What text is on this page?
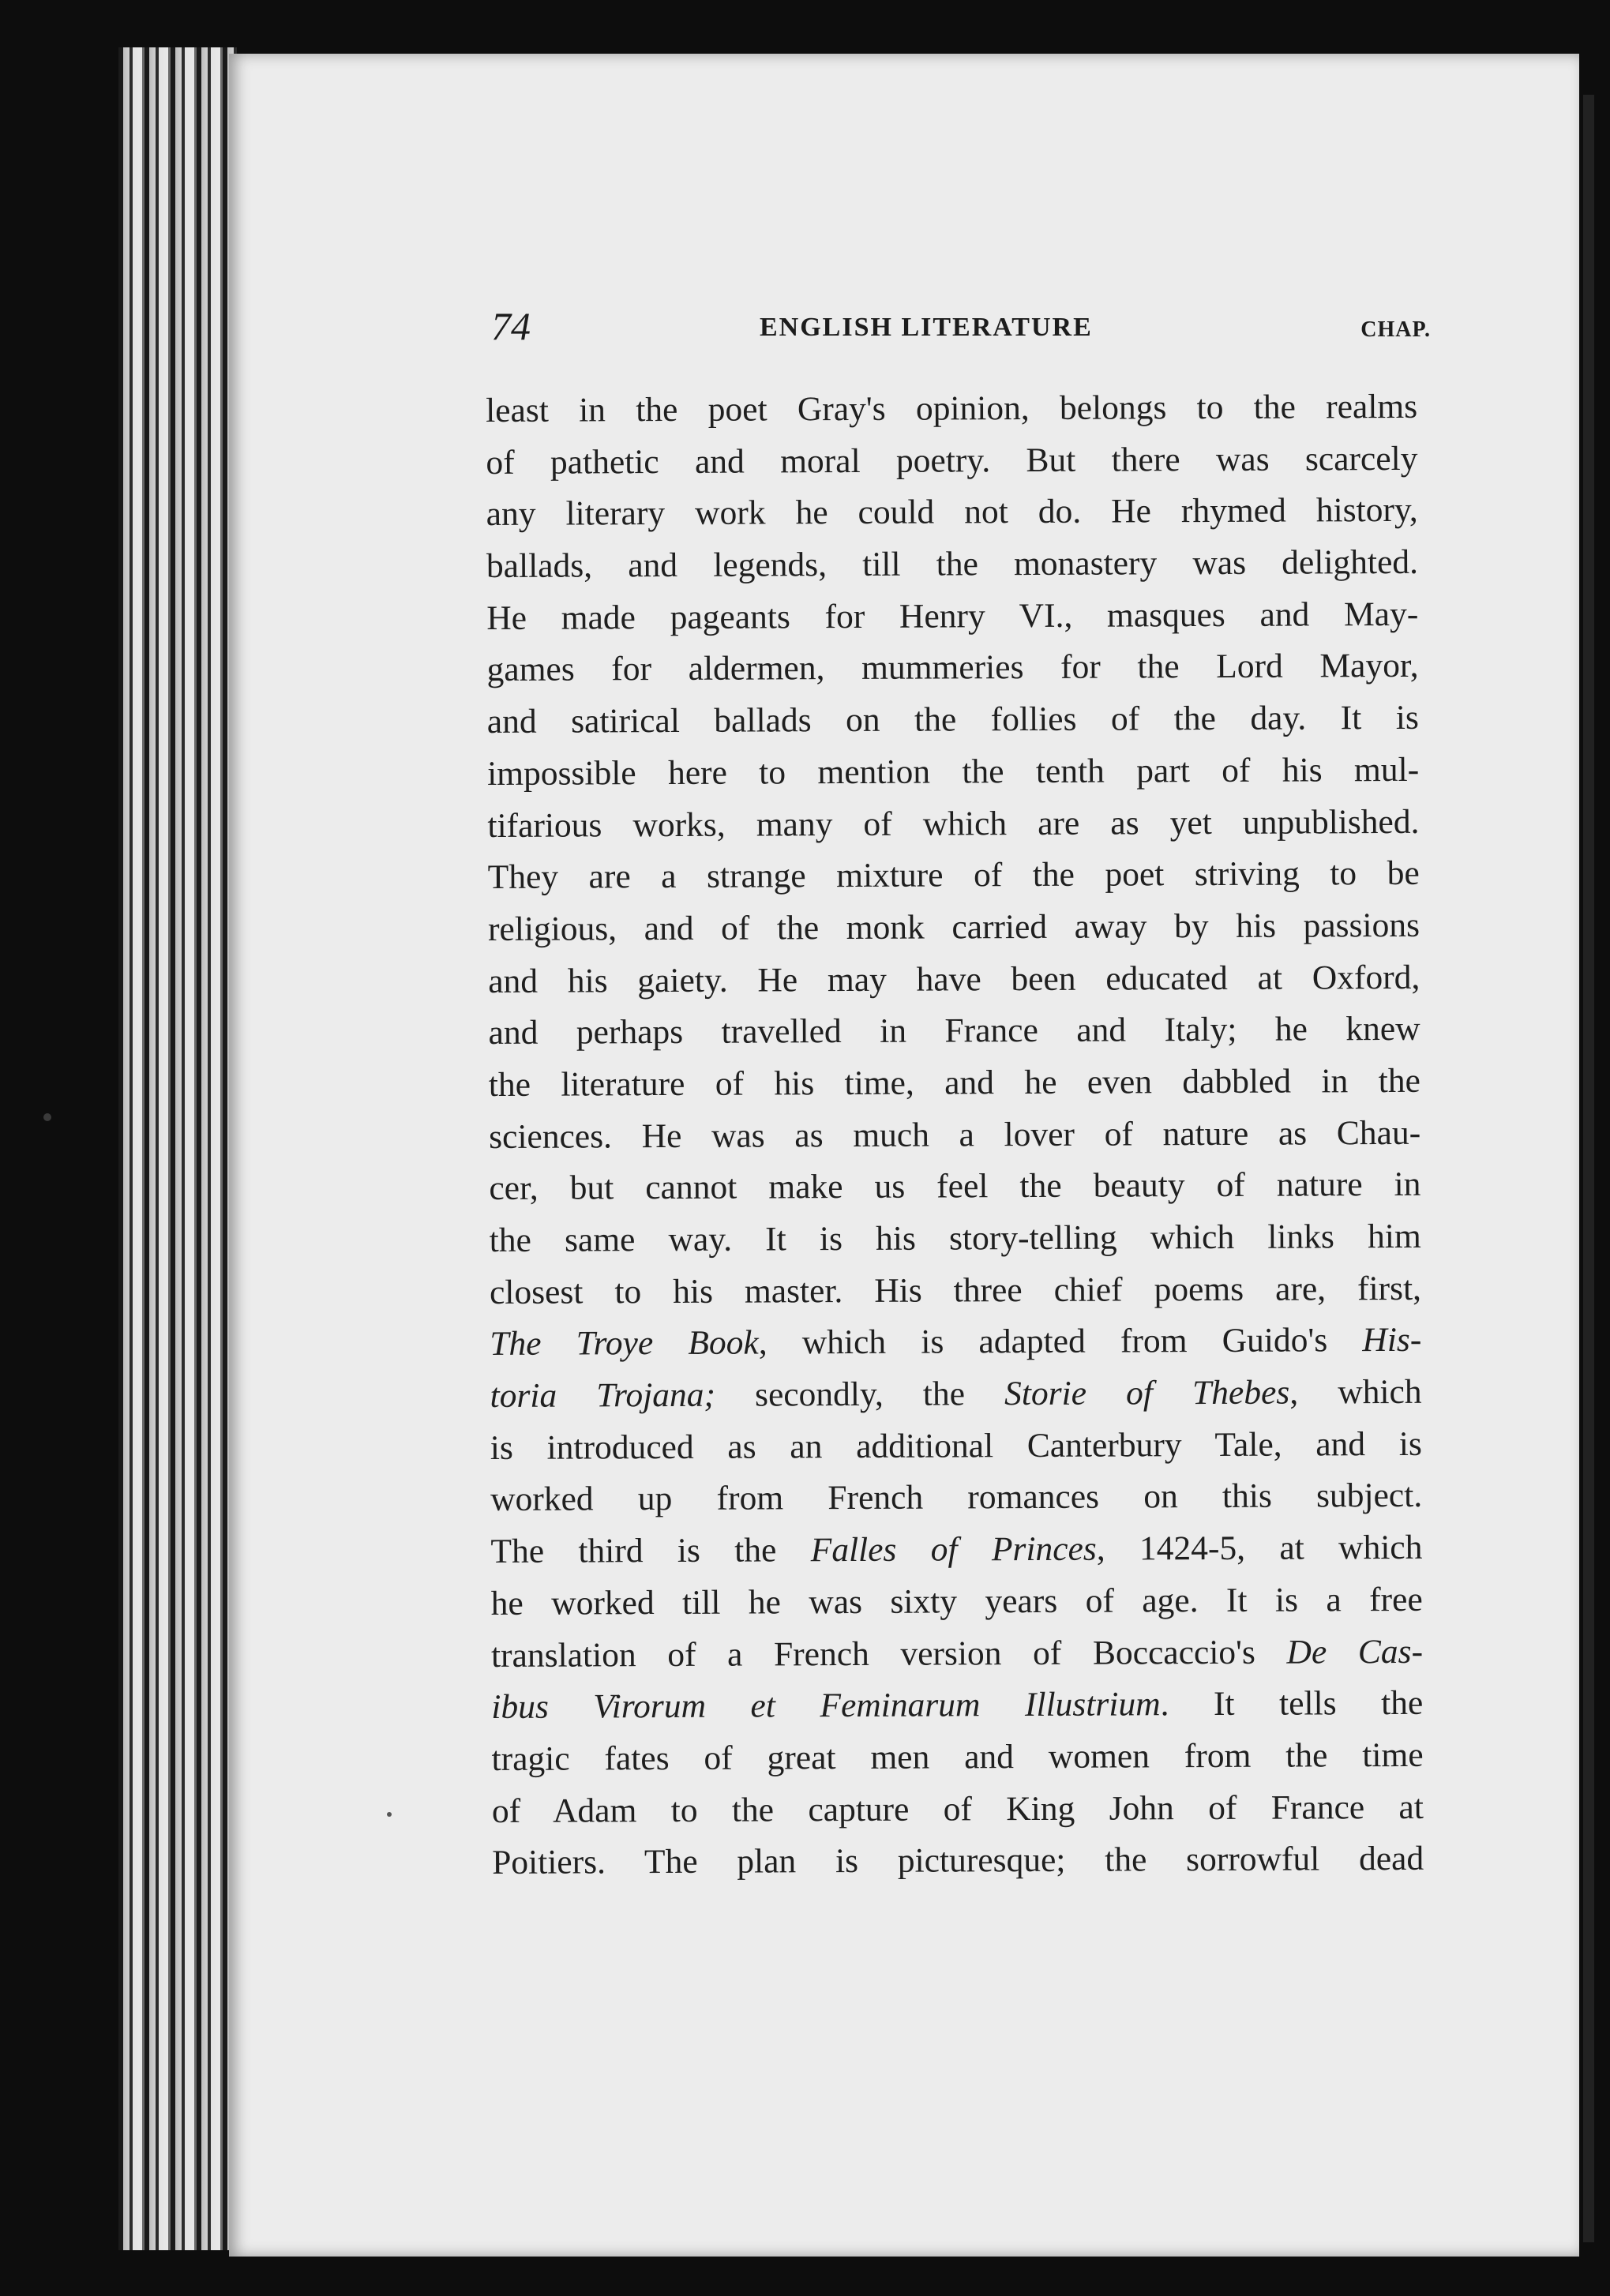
74	ENGLISH LITERATURE	CHAP.
least in the poet Gray's opinion, belongs to the realms
of pathetic and moral poetry. But there was scarcely
any literary work he could not do. He rhymed history,
ballads, and legends, till the monastery was delighted.
He made pageants for Henry VI., masques and May-
games for aldermen, mummeries for the Lord Mayor,
and satirical ballads on the follies of the day. It is
impossible here to mention the tenth part of his mul-
tifarious works, many of which are as yet unpublished.
They are a strange mixture of the poet striving to be
religious, and of the monk carried away by his passions
and his gaiety. He may have been educated at Oxford,
and perhaps travelled in France and Italy; he knew
the literature of his time, and he even dabbled in the
sciences. He was as much a lover of nature as Chau-
cer, but cannot make us feel the beauty of nature in
the same way. It is his story-telling which links him
closest to his master. His three chief poems are, first,
The Troye Book, which is adapted from Guido's His-
toria Trojana; secondly, the Storie of Thebes, which
is introduced as an additional Canterbury Tale, and is
worked up from French romances on this subject.
The third is the Falles of Princes, 1424-5, at which
he worked till he was sixty years of age. It is a free
translation of a French version of Boccaccio's De Cas-
ibus Virorum et Feminarum Illustrium. It tells the
tragic fates of great men and women from the time
of Adam to the capture of King John of France at
Poitiers. The plan is picturesque; the sorrowful dead
